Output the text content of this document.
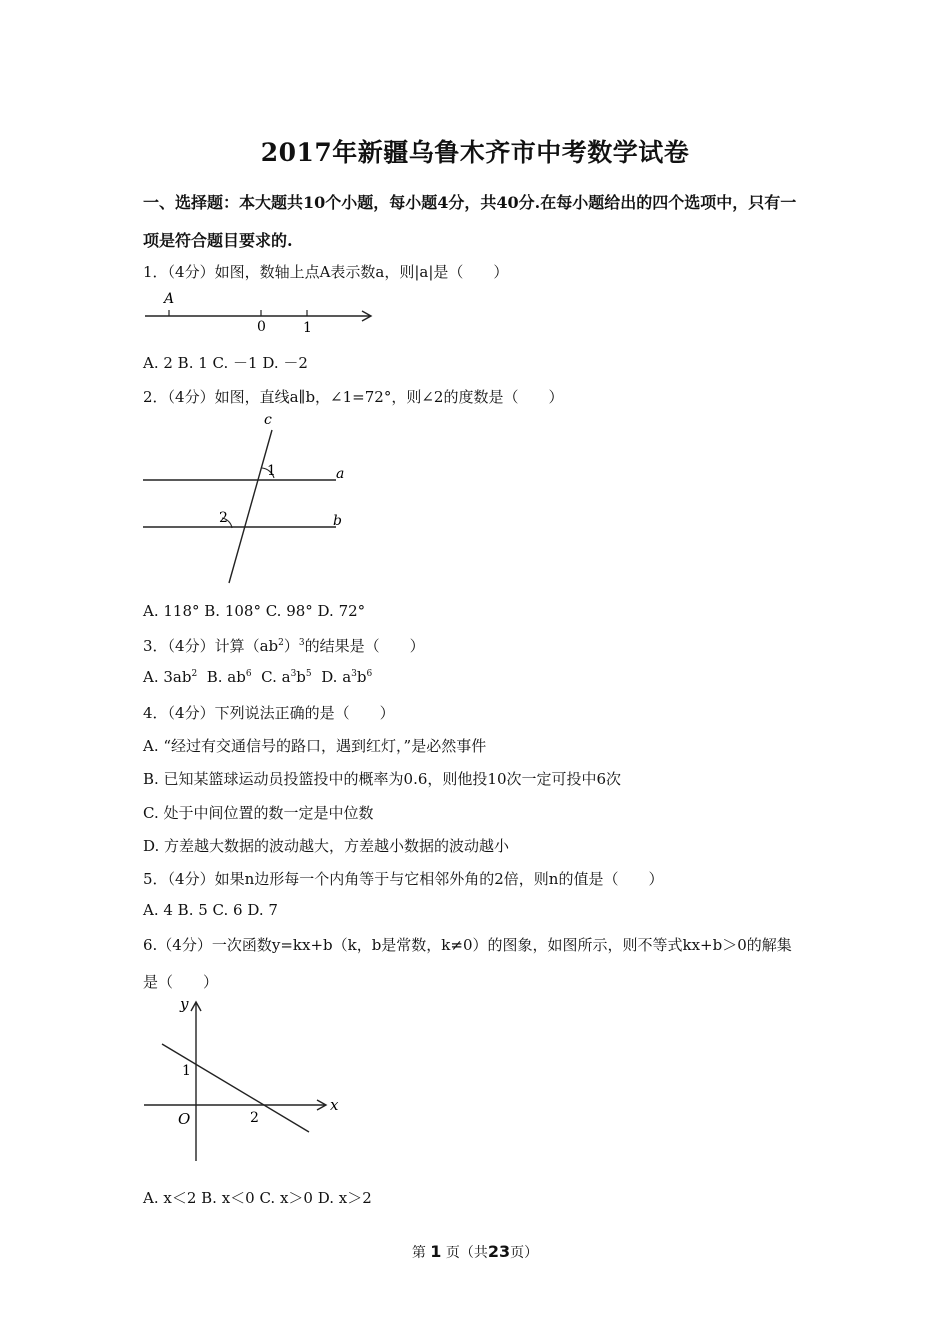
2017年新疆乌鲁木齐市中考数学试卷
一、选择题：本大题共10个小题，每小题4分，共40分.在每小题给出的四个选项中，只有一
项是符合题目要求的.
1．（4分）如图，数轴上点A表示数a，则|a|是（　　）
A
0	1
A. 2 B. 1 C. －1 D. －2
2．（4分）如图，直线a∥b，∠1=72°，则∠2的度数是（　　）
c
a
b
1
2
A. 118° B. 108° C. 98° D. 72°
3．（4分）计算$(ab^2)^3$的结果是（　　）
A. $3ab^2$ B. $ab^6$ C. $a^3b^5$ D. $a^3b^6$
4．（4分）下列说法正确的是（　　）
A. “经过有交通信号的路口，遇到红灯，”是必然事件
B. 已知某篮球运动员投篮投中的概率为0.6，则他投10次一定可投中6次
C. 处于中间位置的数一定是中位数
D. 方差越大数据的波动越大，方差越小数据的波动越小
5．（4分）如果n边形每一个内角等于与它相邻外角的2倍，则n的值是（　　）
A. 4 B. 5 C. 6 D. 7
6.（4分）一次函数y=kx+b（k，b是常数，k≠0）的图象，如图所示，则不等式kx+b＞0的解集
是（　　）
y
x
O
1
2
A. x＜2 B. x＜0 C. x＞0 D. x＞2
第 1 页（共23页）
